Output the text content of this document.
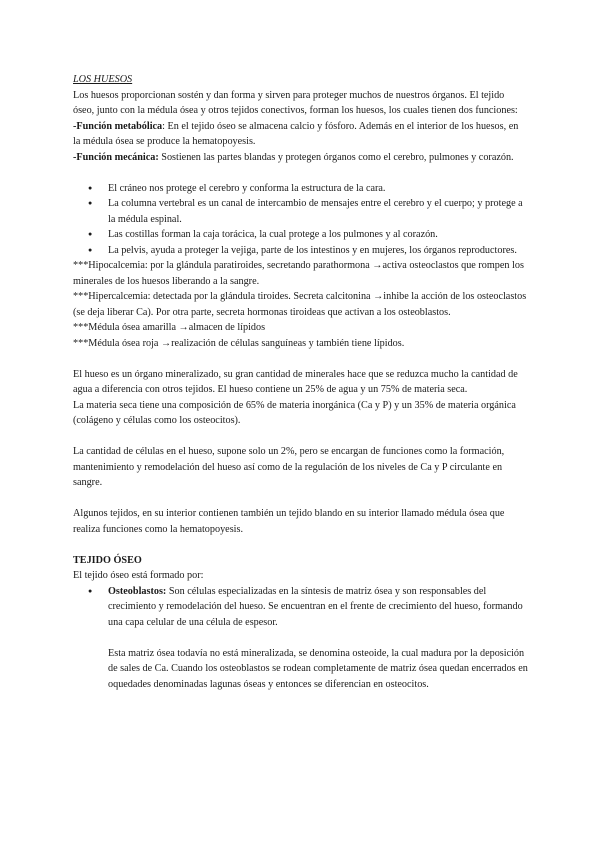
LOS HUESOS

Los huesos proporcionan sostén y dan forma y sirven para proteger muchos de nuestros órganos. El tejido óseo, junto con la médula ósea y otros tejidos conectivos, forman los huesos, los cuales tienen dos funciones:

-Función metabólica: En el tejido óseo se almacena calcio y fósforo. Además en el interior de los huesos, en la médula ósea se produce la hematopoyesis.

-Función mecánica: Sostienen las partes blandas y protegen órganos como el cerebro, pulmones y corazón.

● El cráneo nos protege el cerebro y conforma la estructura de la cara.
● La columna vertebral es un canal de intercambio de mensajes entre el cerebro y el cuerpo; y protege a la médula espinal.
● Las costillas forman la caja torácica, la cual protege a los pulmones y al corazón.
● La pelvis, ayuda a proteger la vejiga, parte de los intestinos y en mujeres, los órganos reproductores.

***Hipocalcemia: por la glándula paratiroides, secretando parathormona →activa osteoclastos que rompen los minerales de los huesos liberando a la sangre.

***Hipercalcemia: detectada por la glándula tiroides. Secreta calcitonina →inhibe la acción de los osteoclastos (se deja liberar Ca). Por otra parte, secreta hormonas tiroideas que activan a los osteoblastos.

***Médula ósea amarilla →almacen de lípidos

***Médula ósea roja →realización de células sanguíneas y también tiene lípidos.

El hueso es un órgano mineralizado, su gran cantidad de minerales hace que se reduzca mucho la cantidad de agua a diferencia con otros tejidos. El hueso contiene un 25% de agua y un 75% de materia seca.

La materia seca tiene una composición de 65% de materia inorgánica (Ca y P) y un 35% de materia orgánica (colágeno y células como los osteocitos).

La cantidad de células en el hueso, supone solo un 2%, pero se encargan de funciones como la formación, mantenimiento y remodelación del hueso así como de la regulación de los niveles de Ca y P circulante en sangre.

Algunos tejidos, en su interior contienen también un tejido blando en su interior llamado médula ósea que realiza funciones como la hematopoyesis.

TEJIDO ÓSEO

El tejido óseo está formado por:

● Osteoblastos: Son células especializadas en la síntesis de matriz ósea y son responsables del crecimiento y remodelación del hueso. Se encuentran en el frente de crecimiento del hueso, formando una capa celular de una célula de espesor.

Esta matriz ósea todavía no está mineralizada, se denomina osteoide, la cual madura por la deposición de sales de Ca. Cuando los osteoblastos se rodean completamente de matriz ósea quedan encerrados en oquedades denominadas lagunas óseas y entonces se diferencian en osteocitos.
